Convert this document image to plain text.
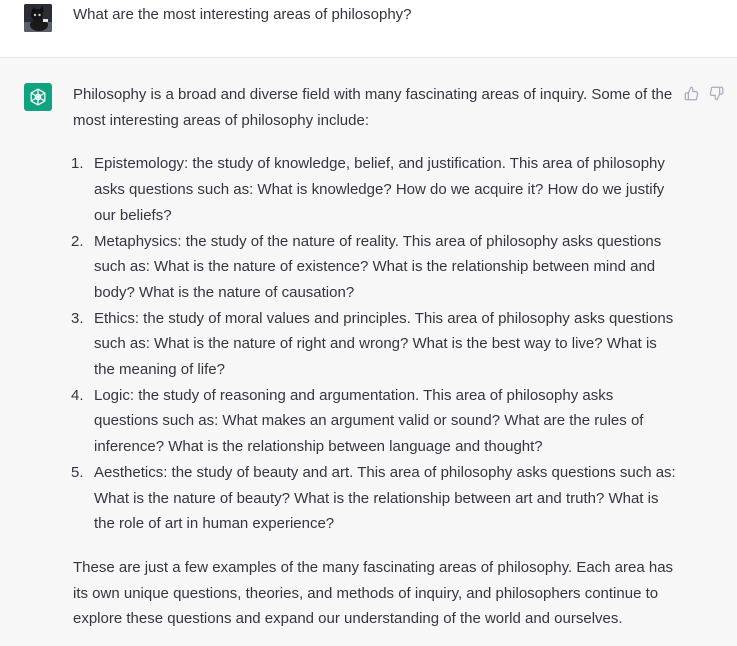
What are the most interesting areas of philosophy?

Philosophy is a broad and diverse field with many fascinating areas of inquiry. Some of the most interesting areas of philosophy include:

1. Epistemology: the study of knowledge, belief, and justification. This area of philosophy asks questions such as: What is knowledge? How do we acquire it? How do we justify our beliefs?
2. Metaphysics: the study of the nature of reality. This area of philosophy asks questions such as: What is the nature of existence? What is the relationship between mind and body? What is the nature of causation?
3. Ethics: the study of moral values and principles. This area of philosophy asks questions such as: What is the nature of right and wrong? What is the best way to live? What is the meaning of life?
4. Logic: the study of reasoning and argumentation. This area of philosophy asks questions such as: What makes an argument valid or sound? What are the rules of inference? What is the relationship between language and thought?
5. Aesthetics: the study of beauty and art. This area of philosophy asks questions such as: What is the nature of beauty? What is the relationship between art and truth? What is the role of art in human experience?

These are just a few examples of the many fascinating areas of philosophy. Each area has its own unique questions, theories, and methods of inquiry, and philosophers continue to explore these questions and expand our understanding of the world and ourselves.
